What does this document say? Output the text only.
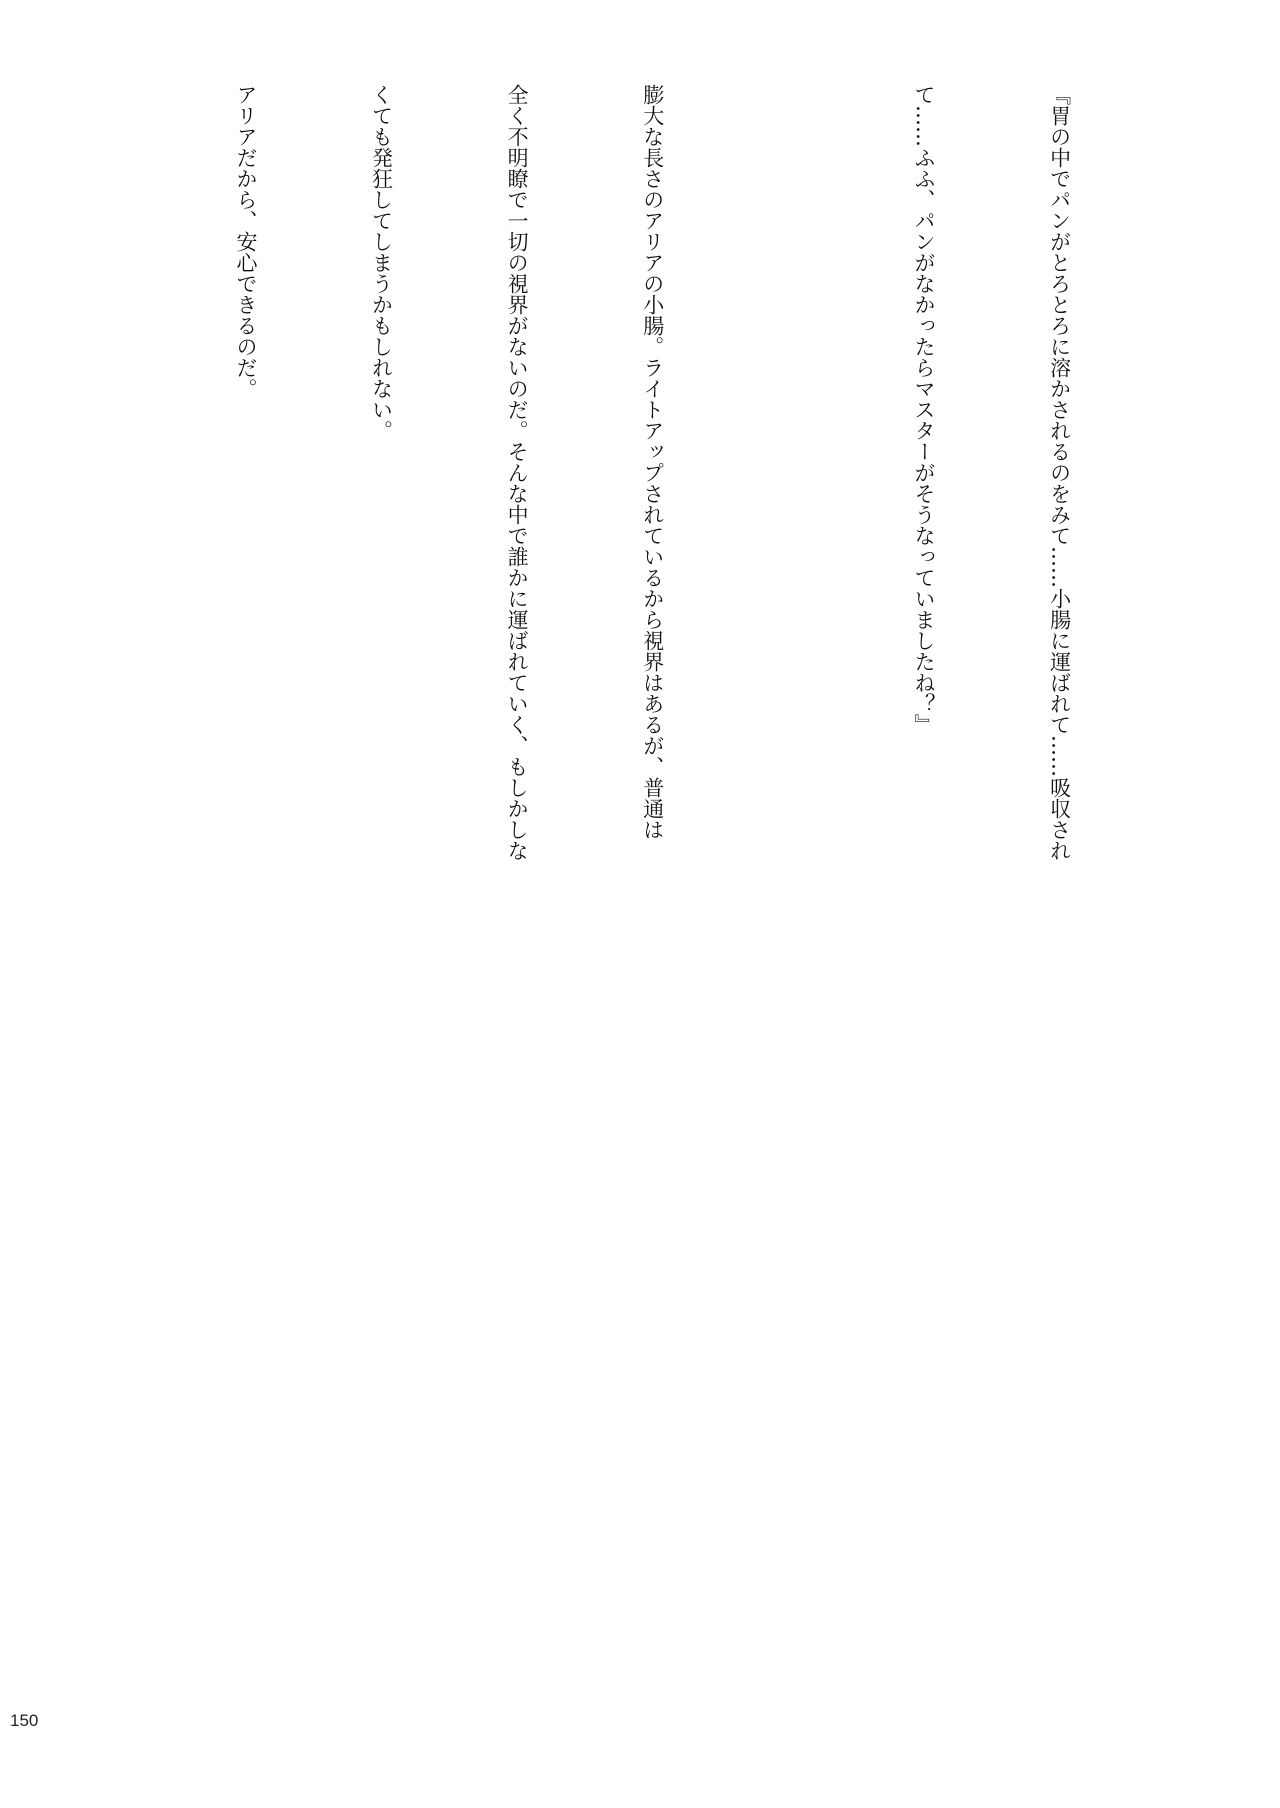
『胃の中でパンがとろとろに溶かされるのをみて……小腸に運ばれて……吸収され

て……ふふ、パンがなかったらマスターがそうなっていましたね？』

膨大な長さのアリアの小腸。ライトアップされているから視界はあるが、普通は

全く不明瞭で一切の視界がないのだ。そんな中で誰かに運ばれていく、もしかしな

くても発狂してしまうかもしれない。

アリアだから、安心できるのだ。

150
